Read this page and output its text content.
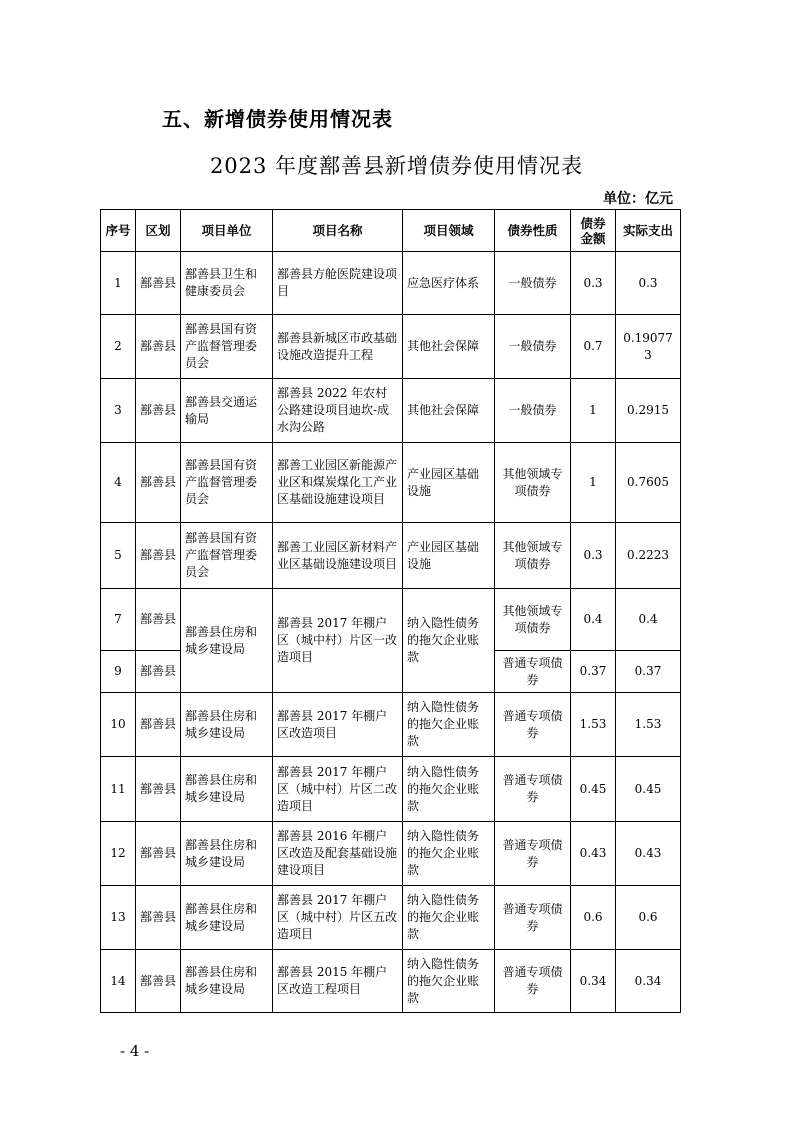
五、新增债券使用情况表
2023 年度鄯善县新增债券使用情况表
单位：亿元
序号	区划	项目单位	项目名称	项目领域	债券性质	债券金额	实际支出
1	鄯善县	鄯善县卫生和健康委员会	鄯善县方舱医院建设项目	应急医疗体系	一般债券	0.3	0.3
2	鄯善县	鄯善县国有资产监督管理委员会	鄯善县新城区市政基础设施改造提升工程	其他社会保障	一般债券	0.7	0.190773
3	鄯善县	鄯善县交通运输局	鄯善县 2022 年农村公路建设项目迪坎-成水沟公路	其他社会保障	一般债券	1	0.2915
4	鄯善县	鄯善县国有资产监督管理委员会	鄯善工业园区新能源产业区和煤炭煤化工产业区基础设施建设项目	产业园区基础设施	其他领域专项债券	1	0.7605
5	鄯善县	鄯善县国有资产监督管理委员会	鄯善工业园区新材料产业区基础设施建设项目	产业园区基础设施	其他领域专项债券	0.3	0.2223
7	鄯善县	鄯善县住房和城乡建设局	鄯善县 2017 年棚户区（城中村）片区一改造项目	纳入隐性债务的拖欠企业账款	其他领域专项债券	0.4	0.4
9	鄯善县				普通专项债券	0.37	0.37
10	鄯善县	鄯善县住房和城乡建设局	鄯善县 2017 年棚户区改造项目	纳入隐性债务的拖欠企业账款	普通专项债券	1.53	1.53
11	鄯善县	鄯善县住房和城乡建设局	鄯善县 2017 年棚户区（城中村）片区二改造项目	纳入隐性债务的拖欠企业账款	普通专项债券	0.45	0.45
12	鄯善县	鄯善县住房和城乡建设局	鄯善县 2016 年棚户区改造及配套基础设施建设项目	纳入隐性债务的拖欠企业账款	普通专项债券	0.43	0.43
13	鄯善县	鄯善县住房和城乡建设局	鄯善县 2017 年棚户区（城中村）片区五改造项目	纳入隐性债务的拖欠企业账款	普通专项债券	0.6	0.6
14	鄯善县	鄯善县住房和城乡建设局	鄯善县 2015 年棚户区改造工程项目	纳入隐性债务的拖欠企业账款	普通专项债券	0.34	0.34
- 4 -
